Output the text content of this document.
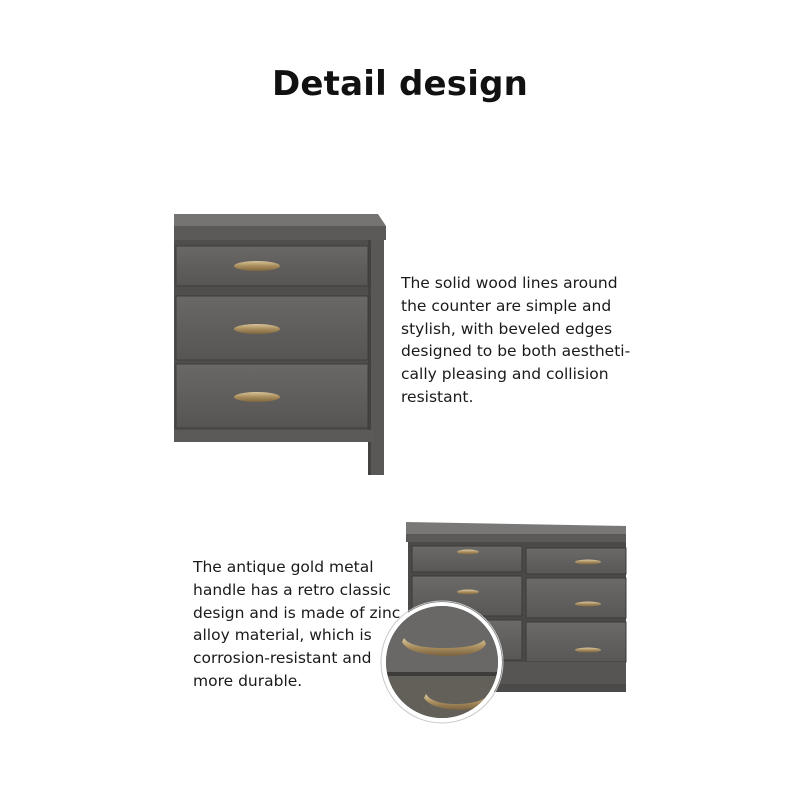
Detail design
The solid wood lines around
the counter are simple and
stylish, with beveled edges
designed to be both aestheti-
cally pleasing and collision
resistant.
The antique gold metal
handle has a retro classic
design and is made of zinc
alloy material, which is
corrosion-resistant and
more durable.
